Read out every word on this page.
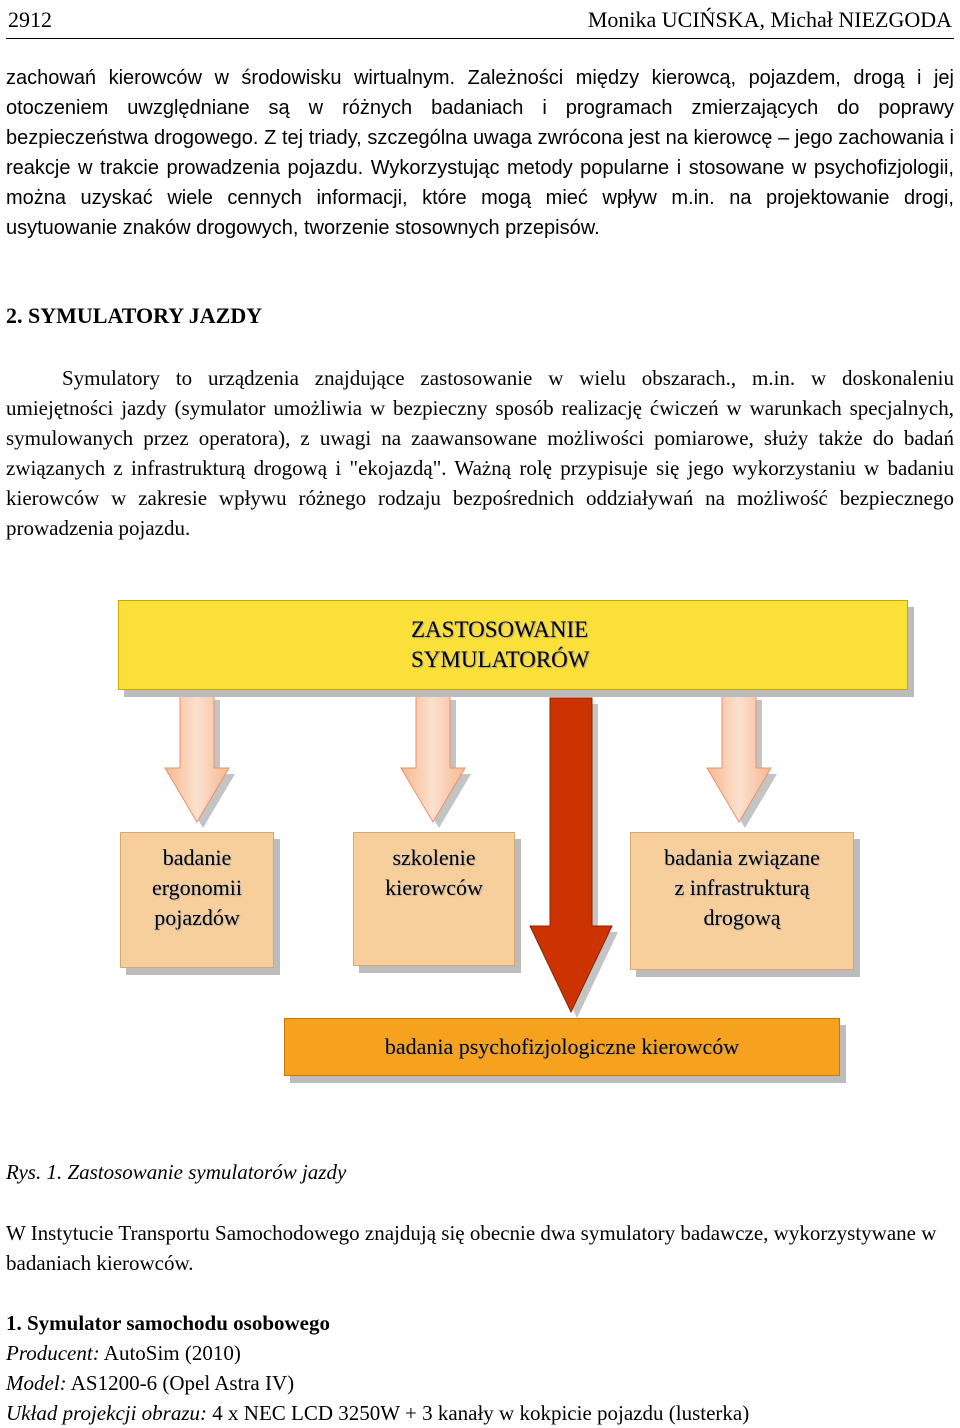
2912	Monika UCIŃSKA, Michał NIEZGODA

zachowań kierowców w środowisku wirtualnym. Zależności między kierowcą, pojazdem, drogą i jej otoczeniem uwzględniane są w różnych badaniach i programach zmierzających do poprawy bezpieczeństwa drogowego. Z tej triady, szczególna uwaga zwrócona jest na kierowcę – jego zachowania i reakcje w trakcie prowadzenia pojazdu. Wykorzystując metody popularne i stosowane w psychofizjologii, można uzyskać wiele cennych informacji, które mogą mieć wpływ m.in. na projektowanie drogi, usytuowanie znaków drogowych, tworzenie stosownych przepisów.

2. SYMULATORY JAZDY

Symulatory to urządzenia znajdujące zastosowanie w wielu obszarach., m.in. w doskonaleniu umiejętności jazdy (symulator umożliwia w bezpieczny sposób realizację ćwiczeń w warunkach specjalnych, symulowanych przez operatora), z uwagi na zaawansowane możliwości pomiarowe, służy także do badań związanych z infrastrukturą drogową i "ekojazdą". Ważną rolę przypisuje się jego wykorzystaniu w badaniu kierowców w zakresie wpływu różnego rodzaju bezpośrednich oddziaływań na możliwość bezpiecznego prowadzenia pojazdu.

ZASTOSOWANIE SYMULATORÓW
badanie ergonomii pojazdów
szkolenie kierowców
badania związane z infrastrukturą drogową
badania psychofizjologiczne kierowców
Rys. 1. Zastosowanie symulatorów jazdy

W Instytucie Transportu Samochodowego znajdują się obecnie dwa symulatory badawcze, wykorzystywane w badaniach kierowców.

1. Symulator samochodu osobowego
Producent: AutoSim (2010)
Model: AS1200-6 (Opel Astra IV)
Układ projekcji obrazu: 4 x NEC LCD 3250W + 3 kanały w kokpicie pojazdu (lusterka)
